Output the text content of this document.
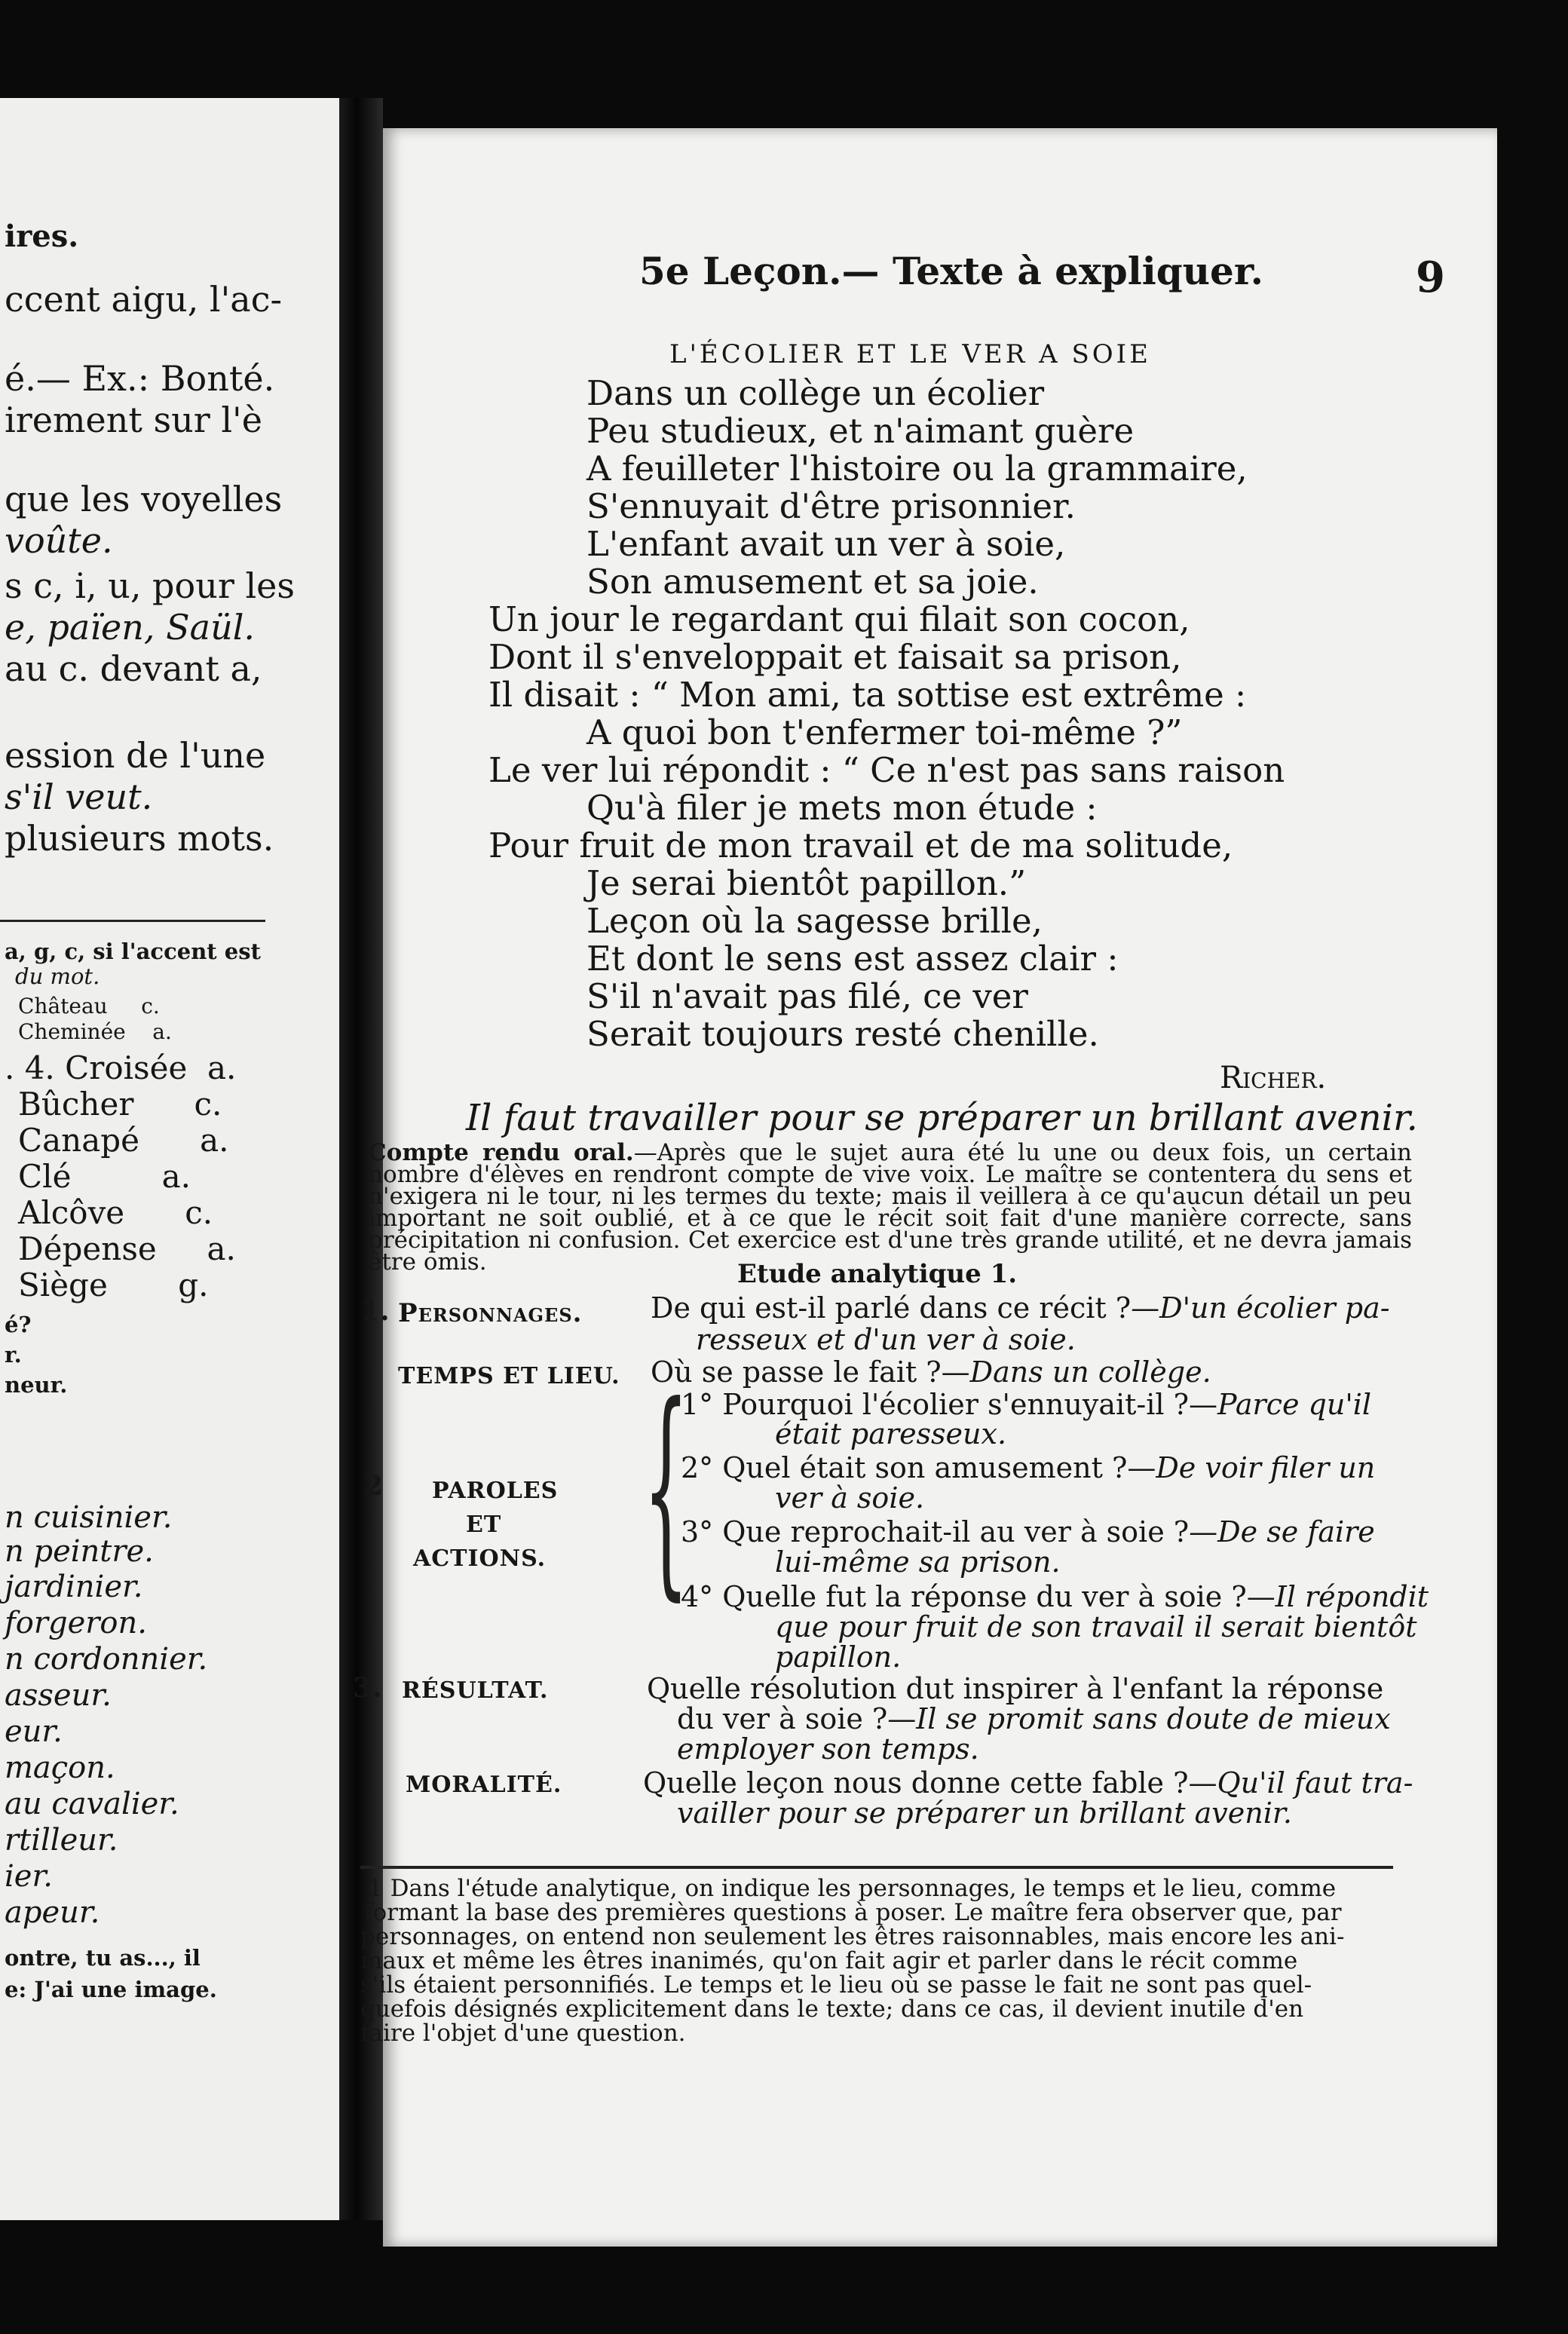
ires.
ccent aigu, l'ac-
é.— Ex.: Bonté.
irement sur l'è
que les voyelles
voûte.
s c, i, u, pour les
e, païen, Saül.
au c. devant a,
ession de l'une
s'il veut.
plusieurs mots.
a, g, c, si l'accent est
du mot.
Château     c.
Cheminée    a.
. 4. Croisée  a.
Bûcher      c.
Canapé      a.
Clé         a.
Alcôve      c.
Dépense     a.
Siège       g.
é?
r.
neur.
n cuisinier.
n peintre.
jardinier.
forgeron.
n cordonnier.
asseur.
eur.
maçon.
au cavalier.
rtilleur.
ier.
apeur.
ontre, tu as..., il
e: J'ai une image.
5e Leçon.— Texte à expliquer.	9
L'ÉCOLIER ET LE VER A SOIE
Dans un collège un écolier
Peu studieux, et n'aimant guère
A feuilleter l'histoire ou la grammaire,
S'ennuyait d'être prisonnier.
L'enfant avait un ver à soie,
Son amusement et sa joie.
Un jour le regardant qui filait son cocon,
Dont il s'enveloppait et faisait sa prison,
Il disait : “ Mon ami, ta sottise est extrême :
A quoi bon t'enfermer toi-même ?”
Le ver lui répondit : “ Ce n'est pas sans raison
Qu'à filer je mets mon étude :
Pour fruit de mon travail et de ma solitude,
Je serai bientôt papillon.”
Leçon où la sagesse brille,
Et dont le sens est assez clair :
S'il n'avait pas filé, ce ver
Serait toujours resté chenille.
Richer.
Il faut travailler pour se préparer un brillant avenir.
Compte rendu oral.—Après que le sujet aura été lu une ou deux fois, un certain nombre d'élèves en rendront compte de vive voix. Le maître se contentera du sens et n'exigera ni le tour, ni les termes du texte; mais il veillera à ce qu'aucun détail un peu important ne soit oublié, et à ce que le récit soit fait d'une manière correcte, sans précipitation ni confusion. Cet exercice est d'une très grande utilité, et ne devra jamais être omis.	Etude analytique 1.
1. Personnages. De qui est-il parlé dans ce récit ?—D'un écolier pa-
resseux et d'un ver à soie.
TEMPS ET LIEU. Où se passe le fait ?—Dans un collège.
{
2 PAROLES
ET
ACTIONS.
1° Pourquoi l'écolier s'ennuyait-il ?—Parce qu'il
était paresseux.
2° Quel était son amusement ?—De voir filer un
ver à soie.
3° Que reprochait-il au ver à soie ?—De se faire
lui-même sa prison.
4° Quelle fut la réponse du ver à soie ?—Il répondit
que pour fruit de son travail il serait bientôt
papillon.
3. RÉSULTAT.	Quelle résolution dut inspirer à l'enfant la réponse
du ver à soie ?—Il se promit sans doute de mieux
employer son temps.
MORALITÉ.	Quelle leçon nous donne cette fable ?—Qu'il faut tra-
vailler pour se préparer un brillant avenir.
1 Dans l'étude analytique, on indique les personnages, le temps et le lieu, comme
formant la base des premières questions à poser. Le maître fera observer que, par
personnages, on entend non seulement les êtres raisonnables, mais encore les ani-
maux et même les êtres inanimés, qu'on fait agir et parler dans le récit comme
s'ils étaient personnifiés. Le temps et le lieu où se passe le fait ne sont pas quel-
quefois désignés explicitement dans le texte; dans ce cas, il devient inutile d'en
faire l'objet d'une question.
